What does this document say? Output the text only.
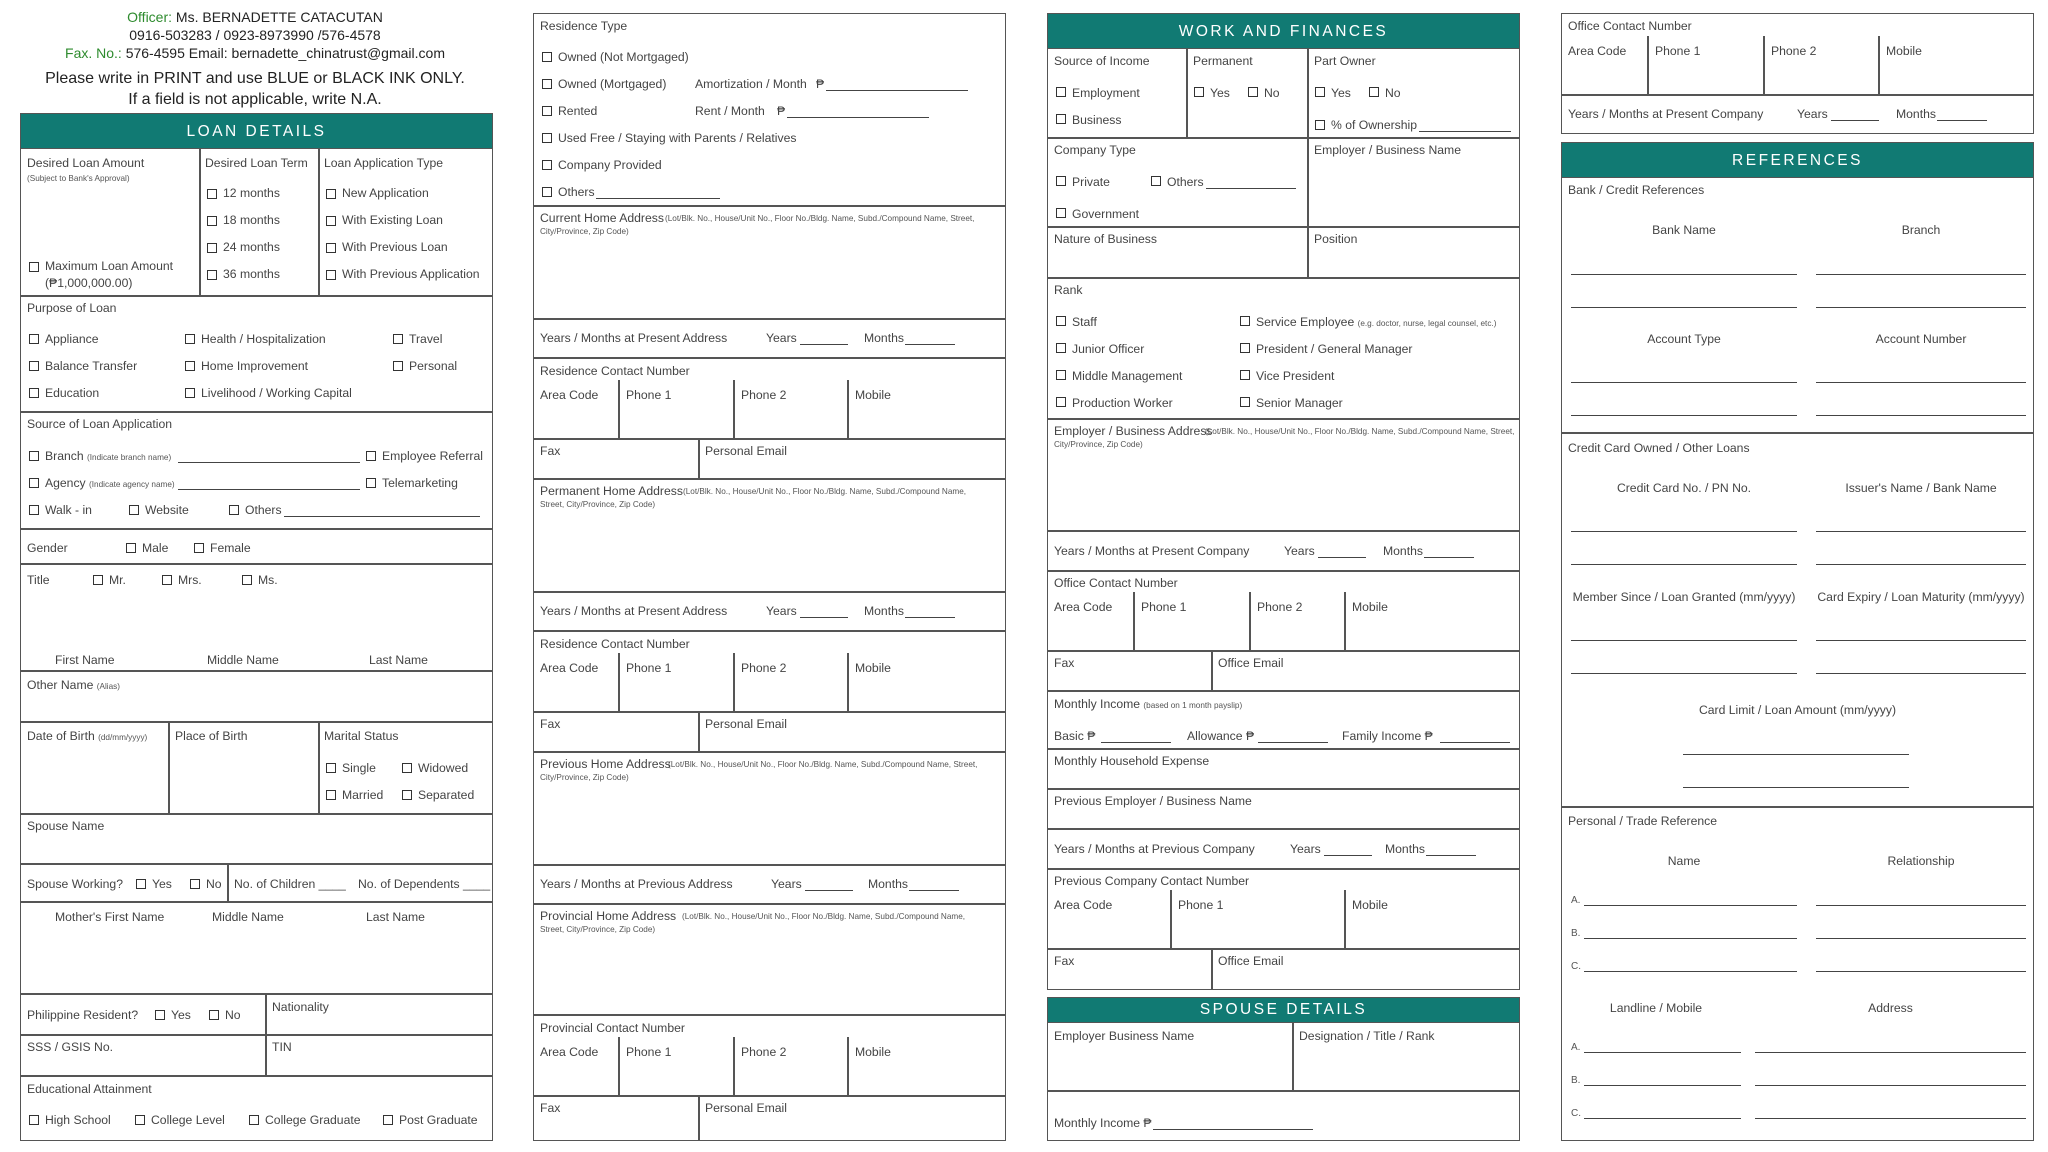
Officer: Ms. BERNADETTE CATACUTAN
0916-503283 / 0923-8973990 /576-4578
Fax. No.: 576-4595 Email: bernadette_chinatrust@gmail.com
Please write in PRINT and use BLUE or BLACK INK ONLY.
If a field is not applicable, write N.A.
LOAN DETAILS
Desired Loan Amount
(Subject to Bank's Approval)
Maximum Loan Amount
(₱1,000,000.00)
Desired Loan Term
12 months
18 months
24 months
36 months
Loan Application Type
New Application
With Existing Loan
With Previous Loan
With Previous Application
Purpose of Loan
Appliance	Health / Hospitalization	Travel
Balance Transfer	Home Improvement	Personal
Education	Livelihood / Working Capital
Source of Loan Application
Branch (Indicate branch name)	Employee Referral
Agency (Indicate agency name)	Telemarketing
Walk - in	Website	Others
Gender	Male	Female
Title	Mr.	Mrs.	Ms.
First Name	Middle Name	Last Name
Other Name (Alias)
Date of Birth (dd/mm/yyyy) Place of Birth	Marital Status
Single	Widowed
Married	Separated
Spouse Name
Spouse Working? Yes	No No. of Children ____ No. of Dependents ____
Mother's First Name	Middle Name	Last Name
Philippine Resident?	Yes	No
Nationality
SSS / GSIS No.	TIN
Educational Attainment
High School	College Level	College Graduate	Post Graduate
Residence Type
Owned (Not Mortgaged)
Owned (Mortgaged) Amortization / Month ₱
Rented	Rent / Month ₱
Used Free / Staying with Parents / Relatives
Company Provided
Others
Current Home Address (Lot/Blk. No., House/Unit No., Floor No./Bldg. Name, Subd./Compound Name, Street,
City/Province, Zip Code)
Years / Months at Present Address	Years	Months
Residence Contact Number
Area Code Phone 1	Phone 2	Mobile
Fax	Personal Email
Permanent Home Address (Lot/Blk. No., House/Unit No., Floor No./Bldg. Name, Subd./Compound Name,
Street, City/Province, Zip Code)
Years / Months at Present Address	Years	Months
Residence Contact Number
Area Code Phone 1	Phone 2	Mobile
Fax	Personal Email
Previous Home Address
(Lot/Blk. No., House/Unit No., Floor No./Bldg. Name, Subd./Compound Name, Street,
City/Province, Zip Code)
Years / Months at Previous Address	Years	Months
Provincial Home Address (Lot/Blk. No., House/Unit No., Floor No./Bldg. Name, Subd./Compound Name,
Street, City/Province, Zip Code)
Provincial Contact Number
Area Code Phone 1	Phone 2	Mobile
Fax	Personal Email
WORK AND FINANCES
Source of Income
Employment
Business
Permanent
Yes	No
Part Owner
Yes	No
% of Ownership
Company Type
Private	Others
Government
Employer / Business Name
Nature of Business	Position
Rank
Staff
Junior Officer
Middle Management
Production Worker
Service Employee (e.g. doctor, nurse, legal counsel, etc.)
President / General Manager
Vice President
Senior Manager
Employer / Business Address
(Lot/Blk. No., House/Unit No., Floor No./Bldg. Name, Subd./Compound Name, Street,
City/Province, Zip Code)
Years / Months at Present Company	Years	Months
Office Contact Number
Area Code Phone 1	Phone 2	Mobile
Fax	Office Email
Monthly Income (based on 1 month payslip)
Basic ₱	Allowance ₱	Family Income ₱
Monthly Household Expense
Previous Employer / Business Name
Years / Months at Previous Company	Years	Months
Previous Company Contact Number
Area Code	Phone 1	Mobile
Fax	Office Email
SPOUSE DETAILS
Employer Business Name	Designation / Title / Rank
Monthly Income ₱
Office Contact Number
Area Code Phone 1	Phone 2	Mobile
Years / Months at Present Company	Years	Months
REFERENCES
Bank / Credit References
Bank Name	Branch
Account Type	Account Number
Credit Card Owned / Other Loans
Credit Card No. / PN No.	Issuer's Name / Bank Name
Member Since / Loan Granted (mm/yyyy) Card Expiry / Loan Maturity (mm/yyyy)
Card Limit / Loan Amount (mm/yyyy)
Personal / Trade Reference
Name	Relationship
A.
B.
C.
Landline / Mobile	Address
A.
B.
C.
